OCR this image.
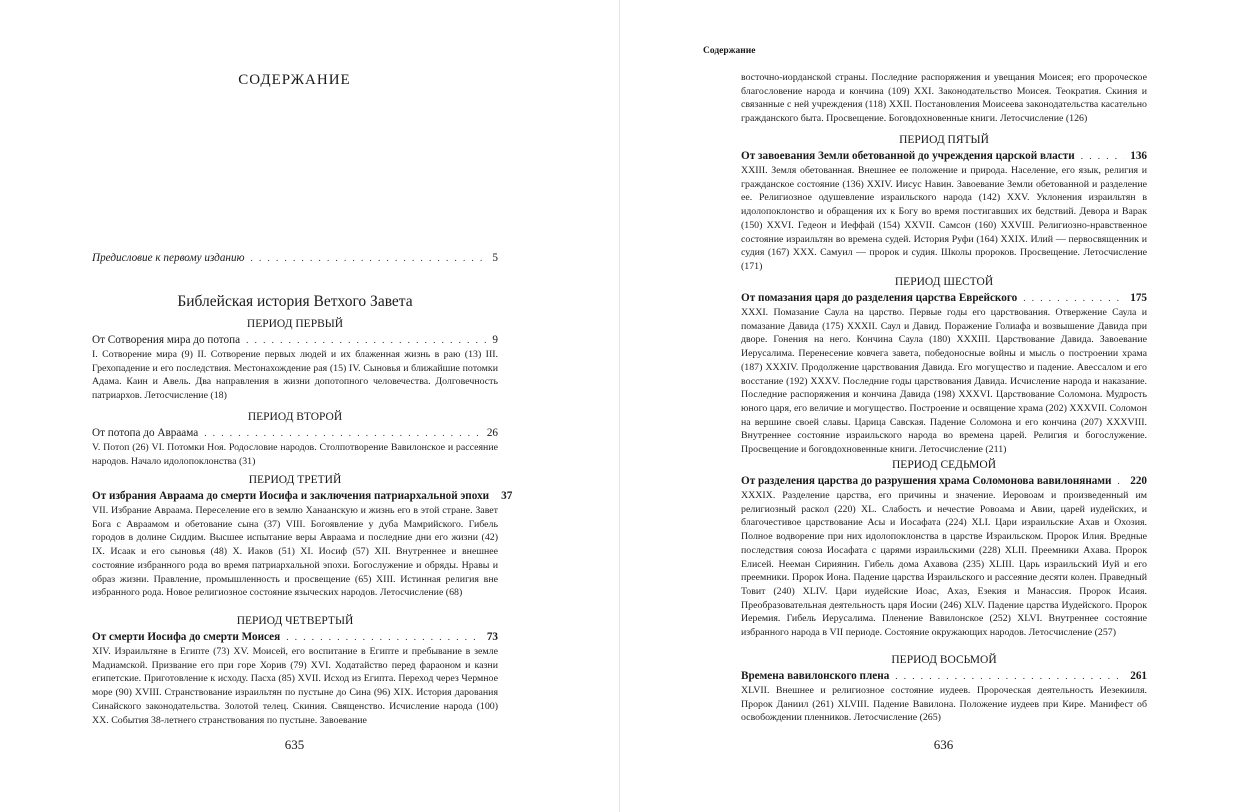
СОДЕРЖАНИЕ
Предисловие к первому изданию . . .	5
Библейская история Ветхого Завета
635
ПЕРИОД ПЕРВЫЙ
От Сотворения мира до потопа . . .	9
I. Сотворение мира (9) II. Сотворение первых людей и их блаженная жизнь в раю (13) III. Грехопадение и его последствия. Местонахождение рая (15) IV. Сыновья и ближайшие потомки Адама. Каин и Авель. Два направления в жизни допотопного человечества. Долговечность патриархов. Летосчисление (18)
ПЕРИОД ВТОРОЙ
От потопа до Авраама . . .	26
V. Потоп (26) VI. Потомки Ноя. Родословие народов. Столпотворение Вавилонское и рассеяние народов. Начало идолопоклонства (31)
ПЕРИОД ТРЕТИЙ
От избрания Авраама до смерти Иосифа и заключения патриархальной эпохи 37
VII. Избрание Авраама. Переселение его в землю Ханаанскую и жизнь его в этой стране. Завет Бога с Авраамом и обетование сына (37) VIII. Богоявление у дуба Мамрийского. Гибель городов в долине Сиддим. Высшее испытание веры Авраама и последние дни его жизни (42) IX. Исаак и его сыновья (48) X. Иаков (51) XI. Иосиф (57) XII. Внутреннее и внешнее состояние избранного рода во время патриархальной эпохи. Богослужение и обряды. Нравы и образ жизни. Правление, промышленность и просвещение (65) XIII. Истинная религия вне избранного рода. Новое религиозное состояние языческих народов. Летосчисление (68)
ПЕРИОД ЧЕТВЕРТЫЙ
От смерти Иосифа до смерти Моисея . . .	73
XIV. Израильтяне в Египте (73) XV. Моисей, его воспитание в Египте и пребывание в земле Мадиамской. Призвание его при горе Хорив (79) XVI. Ходатайство перед фараоном и казни египетские. Приготовление к исходу. Пасха (85) XVII. Исход из Египта. Переход через Чермное море (90) XVIII. Странствование израильтян по пустыне до Сина (96) XIX. История дарования Синайского законодательства. Золотой телец. Скиния. Священство. Исчисление народа (100) XX. События 38-летнего странствования по пустыне. Завоевание
Содержание
восточно-иорданской страны. Последние распоряжения и увещания Моисея; его пророческое благословение народа и кончина (109) XXI. Законодательство Моисея. Теократия. Скиния и связанные с ней учреждения (118) XXII. Постановления Моисеева законодательства касательно гражданского быта. Просвещение. Боговдохновенные книги. Летосчисление (126)
636
ПЕРИОД ПЯТЫЙ
От завоевания Земли обетованной до учреждения царской власти . . .	136
XXIII. Земля обетованная. Внешнее ее положение и природа. Население, его язык, религия и гражданское состояние (136) XXIV. Иисус Навин. Завоевание Земли обетованной и разделение ее. Религиозное одушевление израильского народа (142) XXV. Уклонения израильтян в идолопоклонство и обращения их к Богу во время постигавших их бедствий. Девора и Варак (150) XXVI. Гедеон и Иеффай (154) XXVII. Самсон (160) XXVIII. Религиозно-нравственное состояние израильтян во времена судей. История Руфи (164) XXIX. Илий — первосвященник и судия (167) XXX. Самуил — пророк и судия. Школы пророков. Просвещение. Летосчисление (171)
ПЕРИОД ШЕСТОЙ
От помазания царя до разделения царства Еврейского . . .	175
XXXI. Помазание Саула на царство. Первые годы его царствования. Отвержение Саула и помазание Давида (175) XXXII. Саул и Давид. Поражение Голиафа и возвышение Давида при дворе. Гонения на него. Кончина Саула (180) XXXIII. Царствование Давида. Завоевание Иерусалима. Перенесение ковчега завета, победоносные войны и мысль о построении храма (187) XXXIV. Продолжение царствования Давида. Его могущество и падение. Авессалом и его восстание (192) XXXV. Последние годы царствования Давида. Исчисление народа и наказание. Последние распоряжения и кончина Давида (198) XXXVI. Царствование Соломона. Мудрость юного царя, его величие и могущество. Построение и освящение храма (202) XXXVII. Соломон на вершине своей славы. Царица Савская. Падение Соломона и его кончина (207) XXXVIII. Внутреннее состояние израильского народа во времена царей. Религия и богослужение. Просвещение и боговдохновенные книги. Летосчисление (211)
ПЕРИОД СЕДЬМОЙ
От разделения царства до разрушения храма Соломонова вавилонянами . . . 220
XXXIX. Разделение царства, его причины и значение. Иеровоам и произведенный им религиозный раскол (220) XL. Слабость и нечестие Ровоама и Авии, царей иудейских, и благочестивое царствование Асы и Иосафата (224) XLI. Цари израильские Ахав и Охозия. Полное водворение при них идолопоклонства в царстве Израильском. Пророк Илия. Вредные последствия союза Иосафата с царями израильскими (228) XLII. Преемники Ахава. Пророк Елисей. Нееман Сириянин. Гибель дома Ахавова (235) XLIII. Царь израильский Иуй и его преемники. Пророк Иона. Падение царства Израильского и рассеяние десяти колен. Праведный Товит (240) XLIV. Цари иудейские Иоас, Ахаз, Езекия и Манассия. Пророк Исаия. Преобразовательная деятельность царя Иосии (246) XLV. Падение царства Иудейского. Пророк Иеремия. Гибель Иерусалима. Пленение Вавилонское (252) XLVI. Внутреннее состояние избранного народа в VII периоде. Состояние окружающих народов. Летосчисление (257)
ПЕРИОД ВОСЬМОЙ
Времена вавилонского плена . . .	261
XLVII. Внешнее и религиозное состояние иудеев. Пророческая деятельность Иезекииля. Пророк Даниил (261) XLVIII. Падение Вавилона. Положение иудеев при Кире. Манифест об освобождении пленников. Летосчисление (265)
